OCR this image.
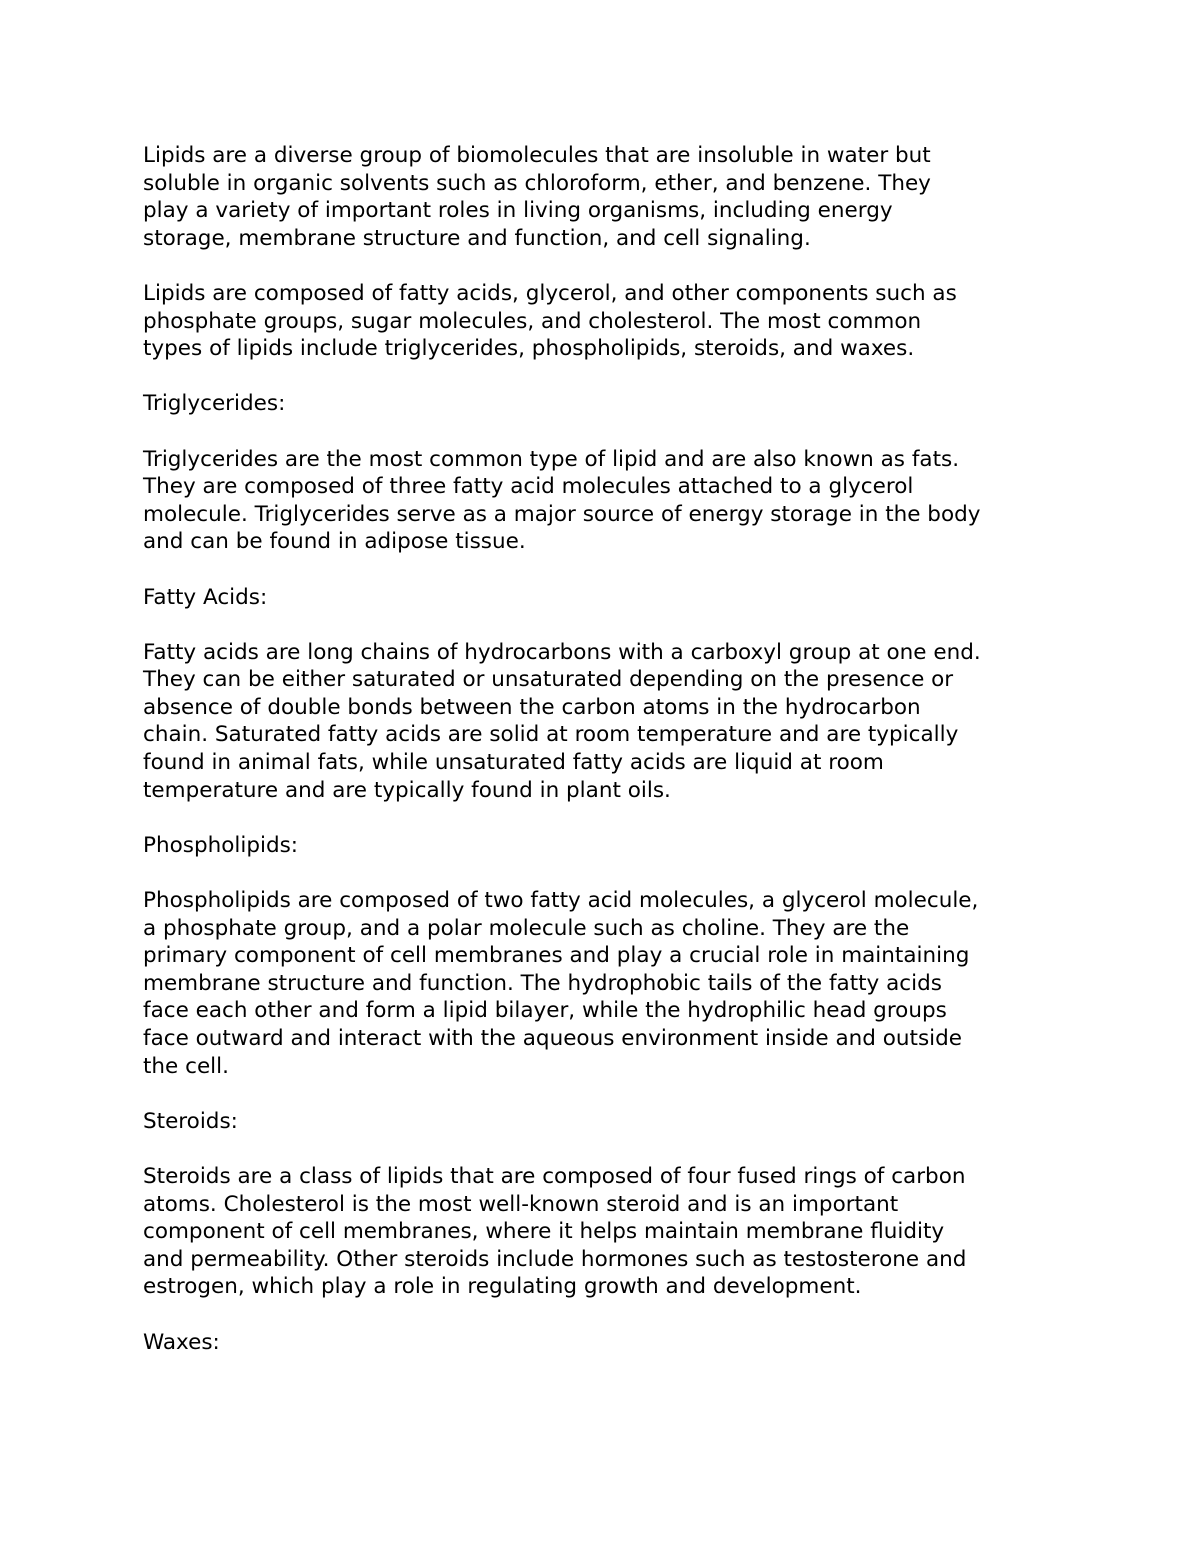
Lipids are a diverse group of biomolecules that are insoluble in water but
soluble in organic solvents such as chloroform, ether, and benzene. They
play a variety of important roles in living organisms, including energy
storage, membrane structure and function, and cell signaling.

Lipids are composed of fatty acids, glycerol, and other components such as
phosphate groups, sugar molecules, and cholesterol. The most common
types of lipids include triglycerides, phospholipids, steroids, and waxes.

Triglycerides:

Triglycerides are the most common type of lipid and are also known as fats.
They are composed of three fatty acid molecules attached to a glycerol
molecule. Triglycerides serve as a major source of energy storage in the body
and can be found in adipose tissue.

Fatty Acids:

Fatty acids are long chains of hydrocarbons with a carboxyl group at one end.
They can be either saturated or unsaturated depending on the presence or
absence of double bonds between the carbon atoms in the hydrocarbon
chain. Saturated fatty acids are solid at room temperature and are typically
found in animal fats, while unsaturated fatty acids are liquid at room
temperature and are typically found in plant oils.

Phospholipids:

Phospholipids are composed of two fatty acid molecules, a glycerol molecule,
a phosphate group, and a polar molecule such as choline. They are the
primary component of cell membranes and play a crucial role in maintaining
membrane structure and function. The hydrophobic tails of the fatty acids
face each other and form a lipid bilayer, while the hydrophilic head groups
face outward and interact with the aqueous environment inside and outside
the cell.

Steroids:

Steroids are a class of lipids that are composed of four fused rings of carbon
atoms. Cholesterol is the most well-known steroid and is an important
component of cell membranes, where it helps maintain membrane fluidity
and permeability. Other steroids include hormones such as testosterone and
estrogen, which play a role in regulating growth and development.

Waxes:
